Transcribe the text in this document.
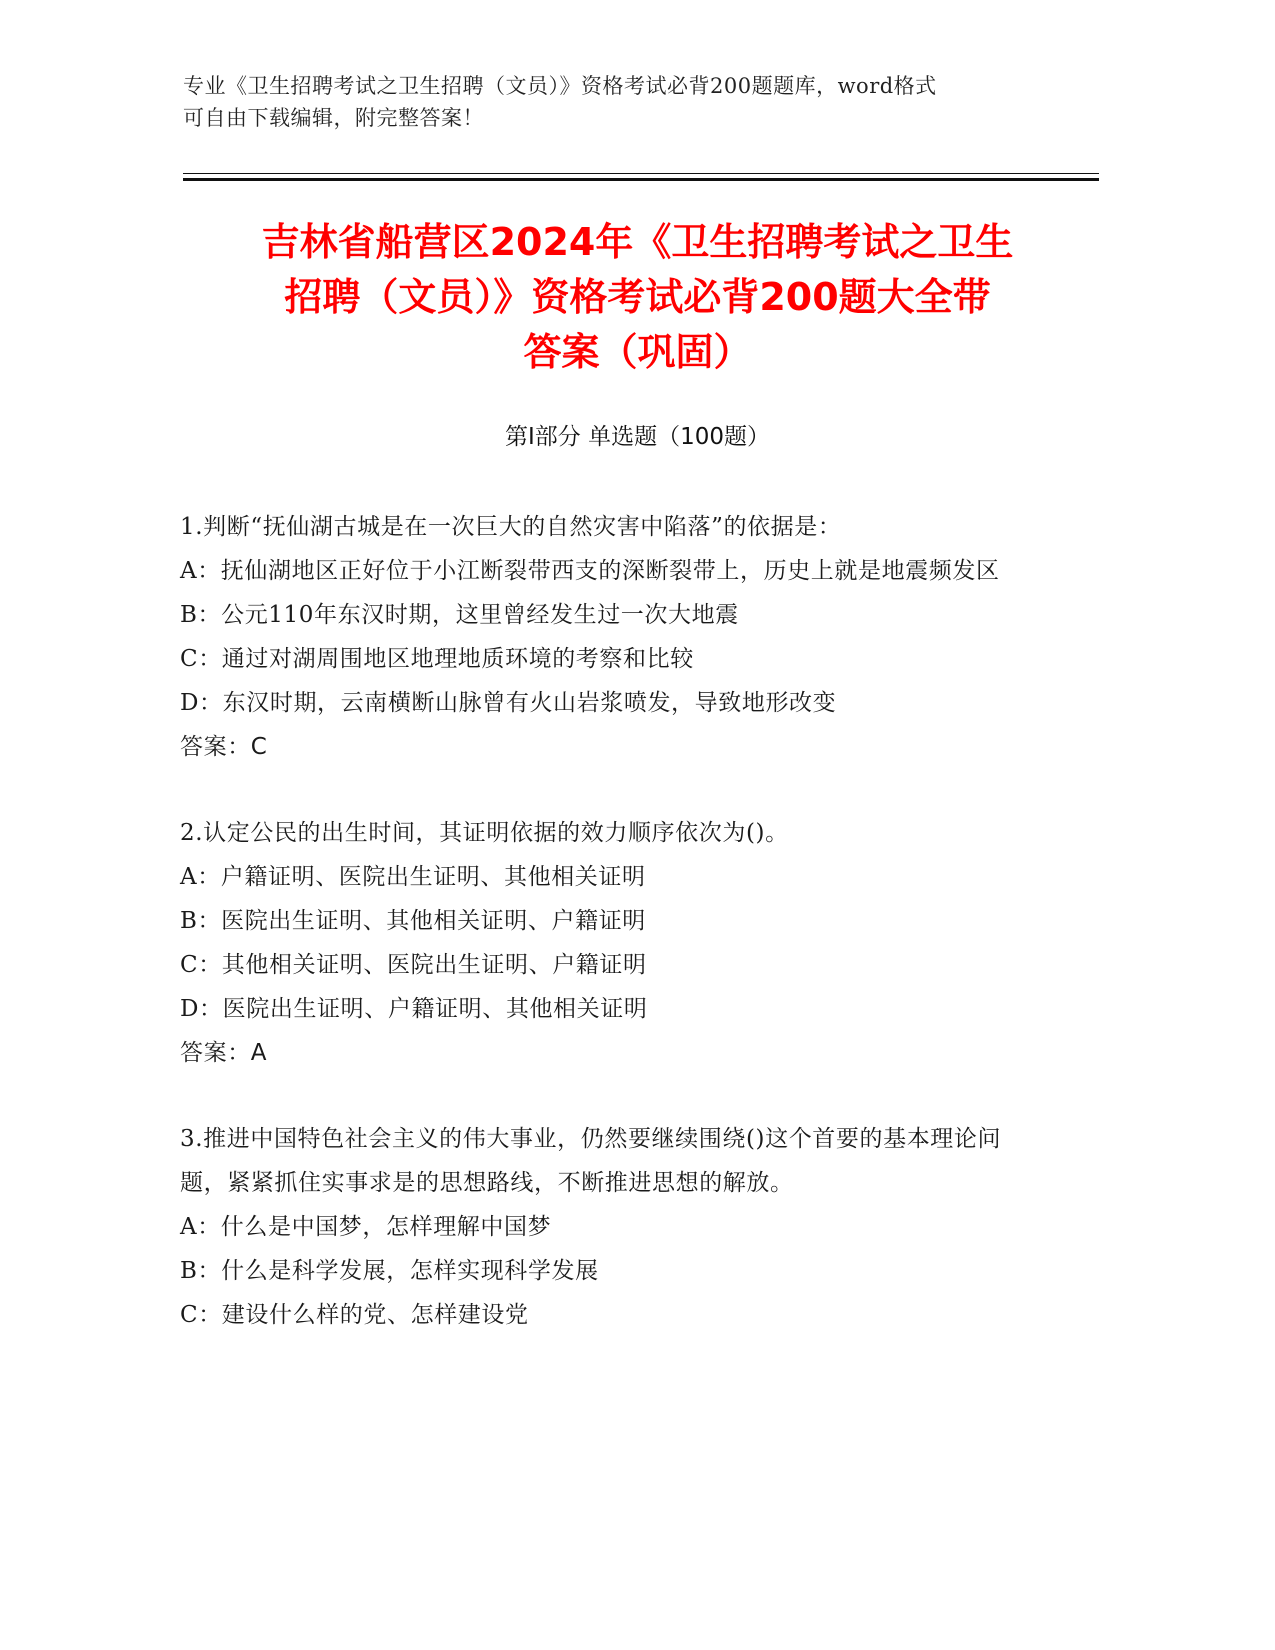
专业《卫生招聘考试之卫生招聘（文员）》资格考试必背200题题库，word格式
可自由下载编辑，附完整答案！
吉林省船营区2024年《卫生招聘考试之卫生
招聘（文员）》资格考试必背200题大全带
答案（巩固）
第Ⅰ部分 单选题（100题）

1.判断“抚仙湖古城是在一次巨大的自然灾害中陷落”的依据是：

A：抚仙湖地区正好位于小江断裂带西支的深断裂带上，历史上就是地震频发区

B：公元110年东汉时期，这里曾经发生过一次大地震

C：通过对湖周围地区地理地质环境的考察和比较

D：东汉时期，云南横断山脉曾有火山岩浆喷发，导致地形改变

答案：C

2.认定公民的出生时间，其证明依据的效力顺序依次为()。

A：户籍证明、医院出生证明、其他相关证明

B：医院出生证明、其他相关证明、户籍证明

C：其他相关证明、医院出生证明、户籍证明

D：医院出生证明、户籍证明、其他相关证明

答案：A

3.推进中国特色社会主义的伟大事业，仍然要继续围绕()这个首要的基本理论问题，紧紧抓住实事求是的思想路线，不断推进思想的解放。

A：什么是中国梦，怎样理解中国梦

B：什么是科学发展，怎样实现科学发展

C：建设什么样的党、怎样建设党
